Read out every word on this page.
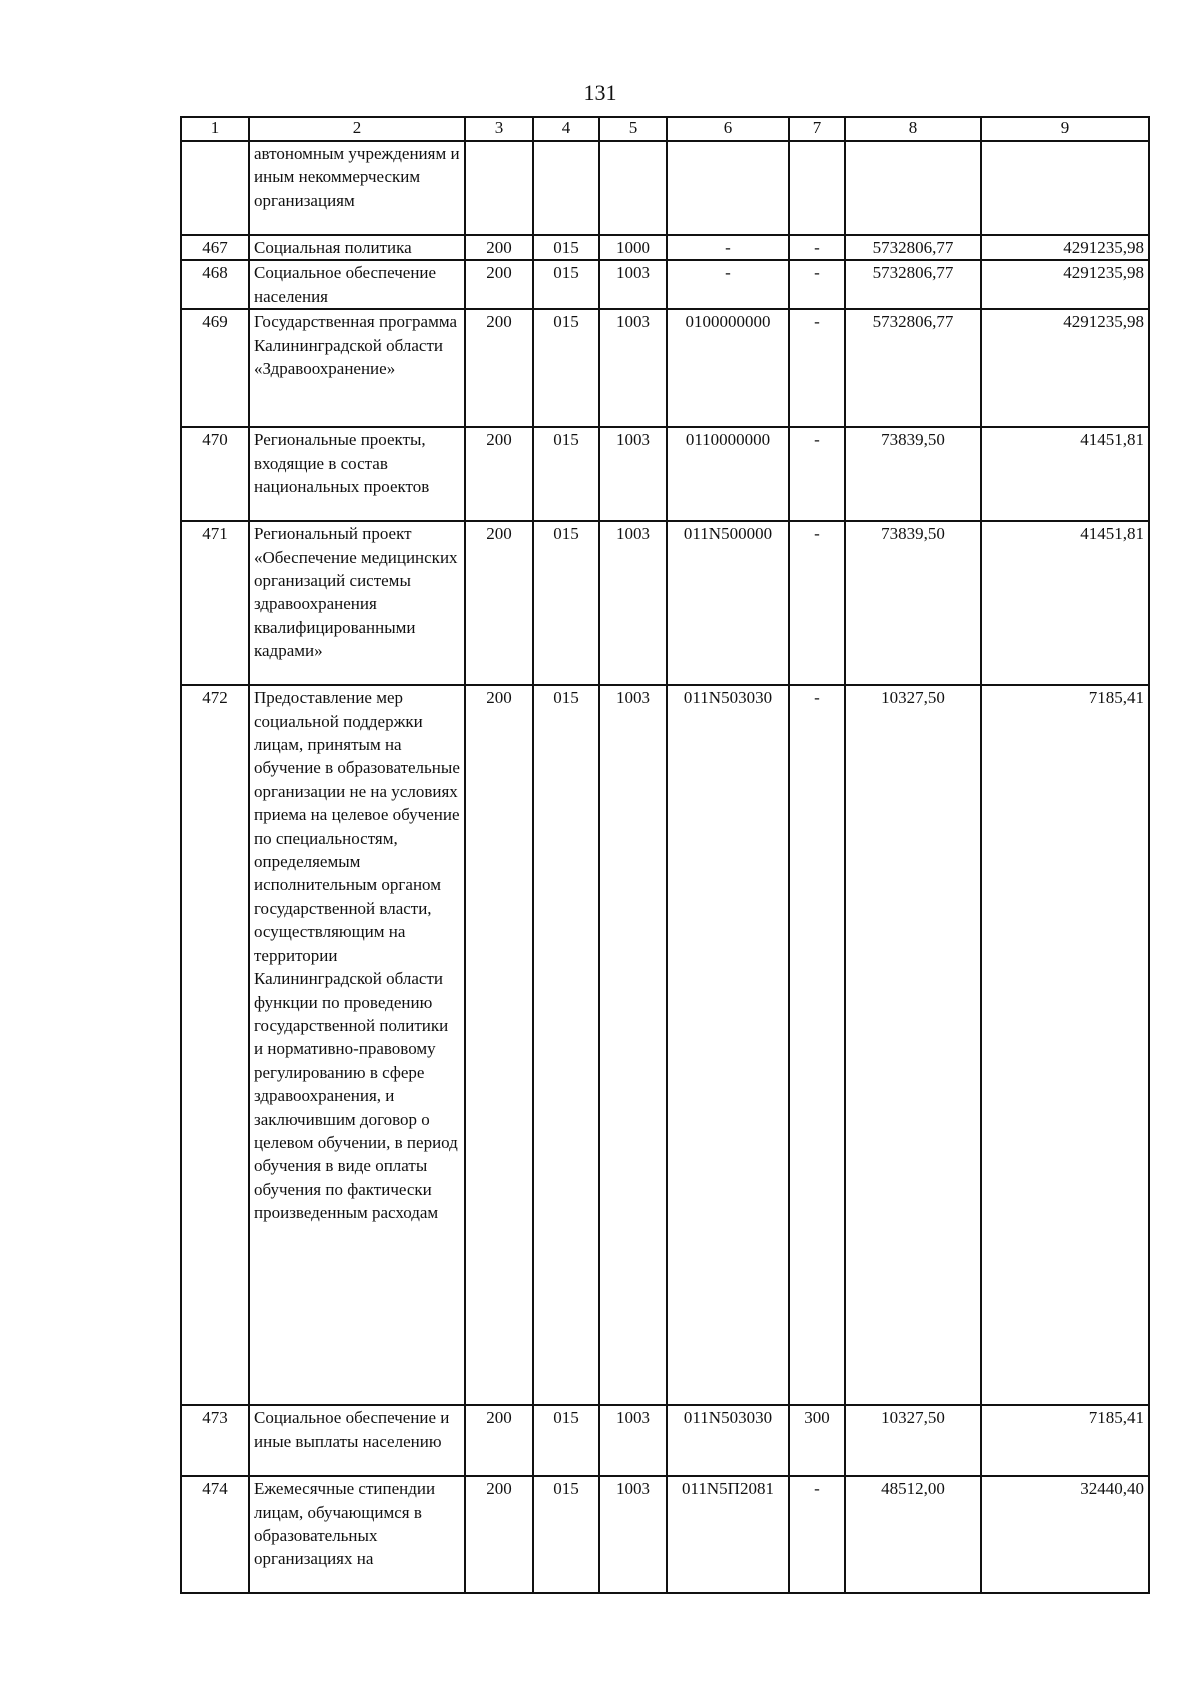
131
1	2	3	4	5	6	7	8	9
	автономным учреждениям и иным некоммерческим организациям							
467	Социальная политика	200	015	1000	-	-	5732806,77	4291235,98
468	Социальное обеспечение населения	200	015	1003	-	-	5732806,77	4291235,98
469	Государственная программа Калининградской области «Здравоохранение»	200	015	1003	0100000000	-	5732806,77	4291235,98
470	Региональные проекты, входящие в состав национальных проектов	200	015	1003	0110000000	-	73839,50	41451,81
471	Региональный проект «Обеспечение медицинских организаций системы здравоохранения квалифицированными кадрами»	200	015	1003	011N500000	-	73839,50	41451,81
472	Предоставление мер социальной поддержки лицам, принятым на обучение в образовательные организации не на условиях приема на целевое обучение по специальностям, определяемым исполнительным органом государственной власти, осуществляющим на территории Калининградской области функции по проведению государственной политики и нормативно-правовому регулированию в сфере здравоохранения, и заключившим договор о целевом обучении, в период обучения в виде оплаты обучения по фактически произведенным расходам	200	015	1003	011N503030	-	10327,50	7185,41
473	Социальное обеспечение и иные выплаты населению	200	015	1003	011N503030	300	10327,50	7185,41
474	Ежемесячные стипендии лицам, обучающимся в образовательных организациях на	200	015	1003	011N5П2081	-	48512,00	32440,40
